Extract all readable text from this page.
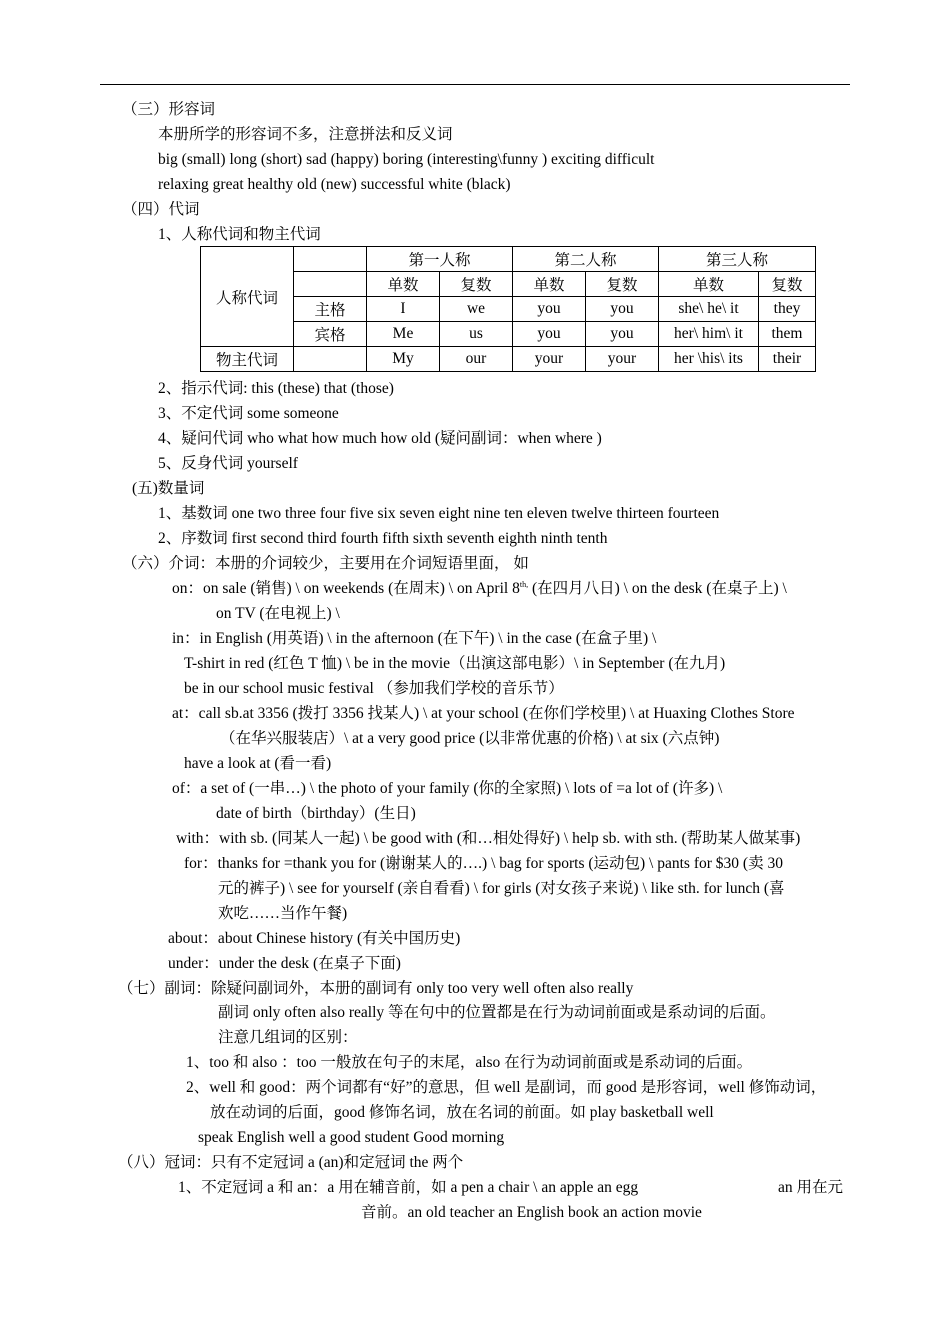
（三）形容词
本册所学的形容词不多，注意拼法和反义词
big (small) long (short) sad (happy) boring (interesting\funny ) exciting difficult
relaxing great healthy old (new) successful white (black)
（四）代词
1、人称代词和物主代词
人称代词		第一人称		第二人称		第三人称	
		单数	复数	单数	复数	单数	复数
	主格	I	we	you	you	she\ he\ it	they
	宾格	Me	us	you	you	her\ him\ it	them
物主代词		My	our	your	your	her \his\ its	their
2、指示代词: this (these) that (those)
3、不定代词 some someone
4、疑问代词 who what how much how old (疑问副词：when where )
5、反身代词 yourself
(五)数量词
1、基数词 one two three four five six seven eight nine ten eleven twelve thirteen fourteen
2、序数词 first second third fourth fifth sixth seventh eighth ninth tenth
（六）介词：本册的介词较少，主要用在介词短语里面， 如
on：on sale (销售) \ on weekends (在周末) \ on April $8^{th,}$ (在四月八日) \ on the desk (在桌子上) \
on TV (在电视上) \
in：in English (用英语) \ in the afternoon (在下午) \ in the case (在盒子里) \
T-shirt in red (红色 T 恤) \ be in the movie（出演这部电影）\ in September (在九月)
be in our school music festival （参加我们学校的音乐节）
at：call sb.at 3356 (拨打 3356 找某人) \ at your school (在你们学校里) \ at Huaxing Clothes Store
（在华兴服装店）\ at a very good price (以非常优惠的价格) \ at six (六点钟)
have a look at (看一看)
of：a set of (一串…) \ the photo of your family (你的全家照) \ lots of =a lot of (许多) \
date of birth（birthday）(生日)
with：with sb. (同某人一起) \ be good with (和…相处得好) \ help sb. with sth. (帮助某人做某事)
for：thanks for =thank you for (谢谢某人的….) \ bag for sports (运动包) \ pants for $30 (卖 30
元的裤子) \ see for yourself (亲自看看) \ for girls (对女孩子来说) \ like sth. for lunch (喜
欢吃……当作午餐)
about：about Chinese history (有关中国历史)
under：under the desk (在桌子下面)
（七）副词：除疑问副词外，本册的副词有 only too very well often also really
副词 only often also really 等在句中的位置都是在行为动词前面或是系动词的后面。
注意几组词的区别：
1、too 和 also ：too 一般放在句子的末尾，also 在行为动词前面或是系动词的后面。
2、well 和 good：两个词都有“好”的意思，但 well 是副词，而 good 是形容词，well 修饰动词，
放在动词的后面，good 修饰名词，放在名词的前面。如 play basketball well
speak English well a good student Good morning
（八）冠词：只有不定冠词 a (an)和定冠词 the 两个
1、不定冠词 a 和 an：a 用在辅音前，如 a pen a chair \ an apple an egg	an 用在元
音前。an old teacher an English book an action movie
